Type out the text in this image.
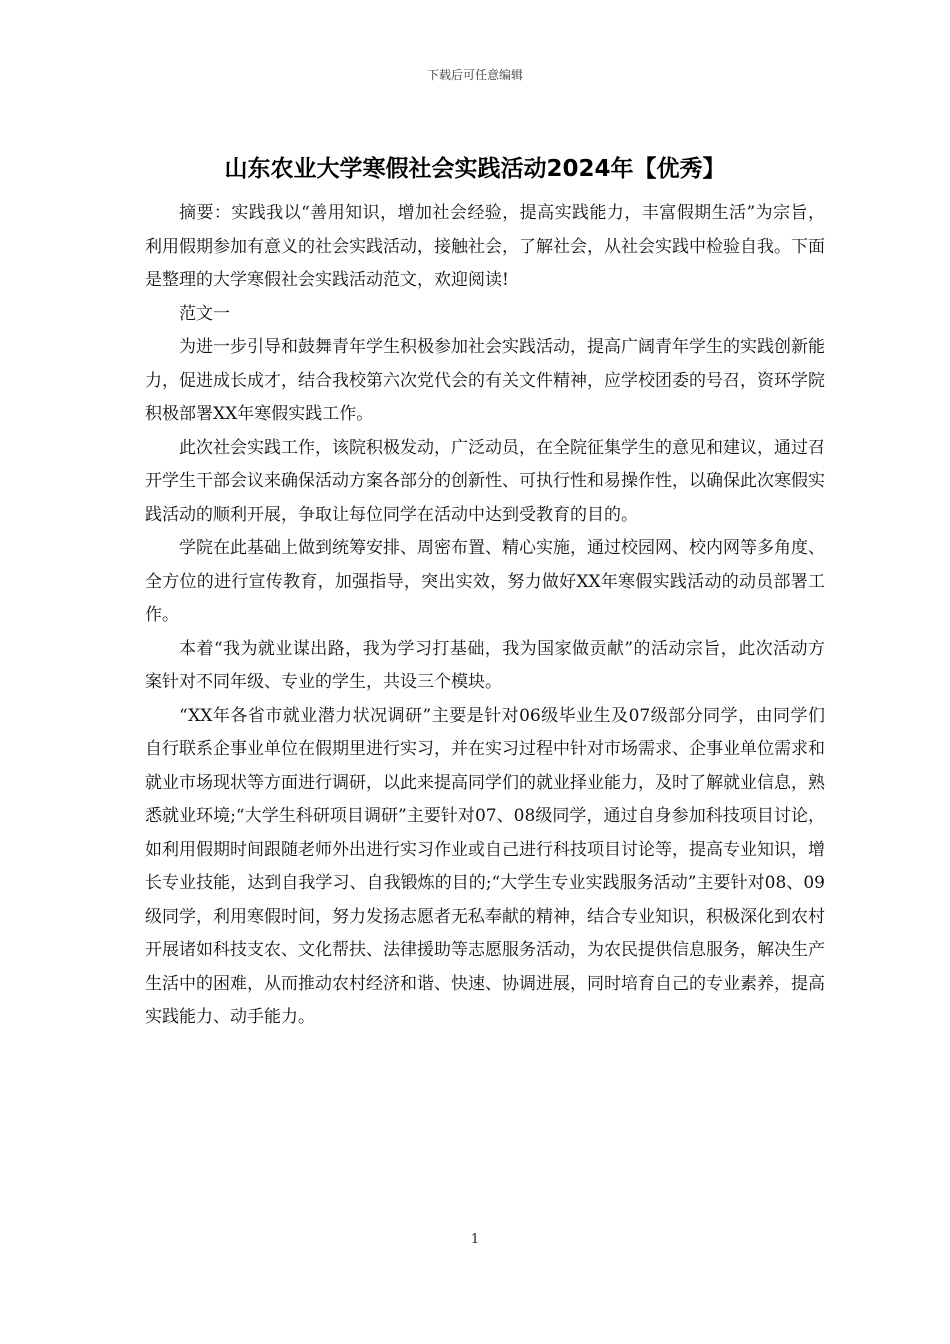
下载后可任意编辑
山东农业大学寒假社会实践活动2024年【优秀】

摘要：实践我以“善用知识，增加社会经验，提高实践能力，丰富假期生活”为宗旨，利用假期参加有意义的社会实践活动，接触社会，了解社会，从社会实践中检验自我。下面是整理的大学寒假社会实践活动范文，欢迎阅读!

范文一

为进一步引导和鼓舞青年学生积极参加社会实践活动，提高广阔青年学生的实践创新能力，促进成长成才，结合我校第六次党代会的有关文件精神，应学校团委的号召，资环学院积极部署XX年寒假实践工作。

此次社会实践工作，该院积极发动，广泛动员，在全院征集学生的意见和建议，通过召开学生干部会议来确保活动方案各部分的创新性、可执行性和易操作性，以确保此次寒假实践活动的顺利开展，争取让每位同学在活动中达到受教育的目的。

学院在此基础上做到统筹安排、周密布置、精心实施，通过校园网、校内网等多角度、全方位的进行宣传教育，加强指导，突出实效，努力做好XX年寒假实践活动的动员部署工作。

本着“我为就业谋出路，我为学习打基础，我为国家做贡献”的活动宗旨，此次活动方案针对不同年级、专业的学生，共设三个模块。

“XX年各省市就业潜力状况调研”主要是针对06级毕业生及07级部分同学，由同学们自行联系企事业单位在假期里进行实习，并在实习过程中针对市场需求、企事业单位需求和就业市场现状等方面进行调研，以此来提高同学们的就业择业能力，及时了解就业信息，熟悉就业环境;“大学生科研项目调研”主要针对07、08级同学，通过自身参加科技项目讨论，如利用假期时间跟随老师外出进行实习作业或自己进行科技项目讨论等，提高专业知识，增长专业技能，达到自我学习、自我锻炼的目的;“大学生专业实践服务活动”主要针对08、09级同学，利用寒假时间，努力发扬志愿者无私奉献的精神，结合专业知识，积极深化到农村开展诸如科技支农、文化帮扶、法律援助等志愿服务活动，为农民提供信息服务，解决生产生活中的困难，从而推动农村经济和谐、快速、协调进展，同时培育自己的专业素养，提高实践能力、动手能力。

1
